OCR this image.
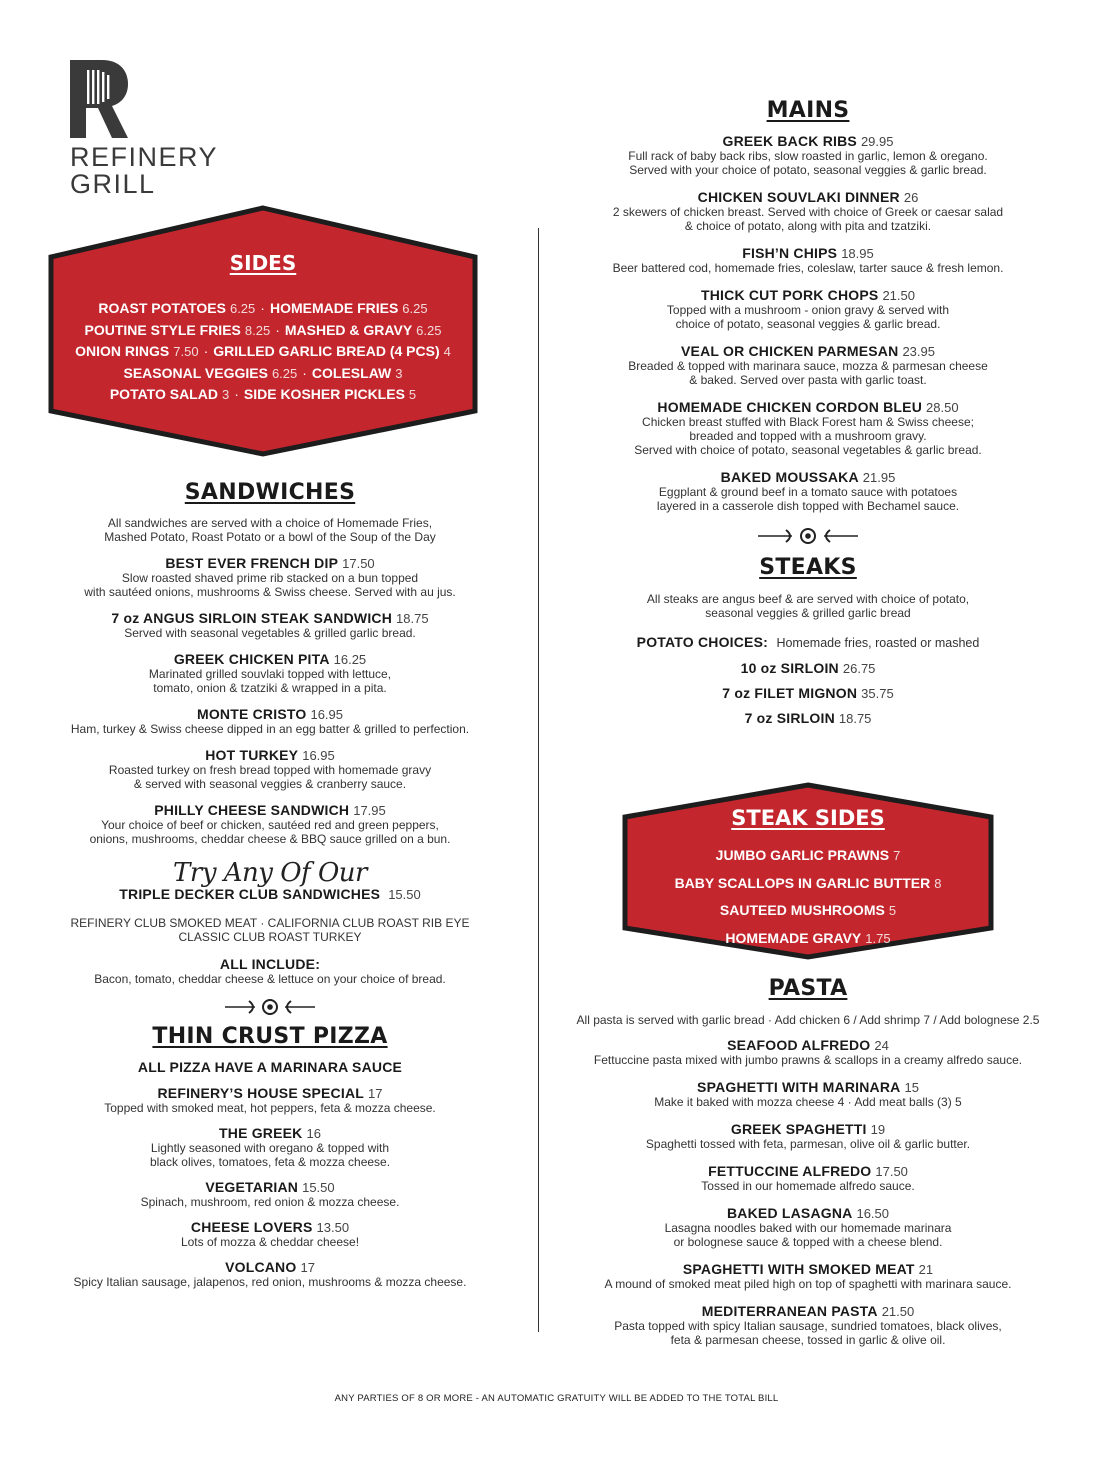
REFINERY
GRILL
SIDES
ROAST POTATOES 6.25 · HOMEMADE FRIES 6.25
POUTINE STYLE FRIES 8.25 · MASHED & GRAVY 6.25
ONION RINGS 7.50 · GRILLED GARLIC BREAD (4 PCS) 4
SEASONAL VEGGIES 6.25 · COLESLAW 3
POTATO SALAD 3 · SIDE KOSHER PICKLES 5
SANDWICHES
All sandwiches are served with a choice of Homemade Fries,
Mashed Potato, Roast Potato or a bowl of the Soup of the Day
BEST EVER FRENCH DIP 17.50
Slow roasted shaved prime rib stacked on a bun topped
with sautéed onions, mushrooms & Swiss cheese. Served with au jus.
7 oz ANGUS SIRLOIN STEAK SANDWICH 18.75
Served with seasonal vegetables & grilled garlic bread.
GREEK CHICKEN PITA 16.25
Marinated grilled souvlaki topped with lettuce,
tomato, onion & tzatziki & wrapped in a pita.
MONTE CRISTO 16.95
Ham, turkey & Swiss cheese dipped in an egg batter & grilled to perfection.
HOT TURKEY 16.95
Roasted turkey on fresh bread topped with homemade gravy
& served with seasonal veggies & cranberry sauce.
PHILLY CHEESE SANDWICH 17.95
Your choice of beef or chicken, sautéed red and green peppers,
onions, mushrooms, cheddar cheese & BBQ sauce grilled on a bun.
Try Any Of Our
TRIPLE DECKER CLUB SANDWICHES 15.50
REFINERY CLUB SMOKED MEAT · CALIFORNIA CLUB ROAST RIB EYE
CLASSIC CLUB ROAST TURKEY
ALL INCLUDE:
Bacon, tomato, cheddar cheese & lettuce on your choice of bread.
THIN CRUST PIZZA
ALL PIZZA HAVE A MARINARA SAUCE
REFINERY’S HOUSE SPECIAL 17
Topped with smoked meat, hot peppers, feta & mozza cheese.
THE GREEK 16
Lightly seasoned with oregano & topped with
black olives, tomatoes, feta & mozza cheese.
VEGETARIAN 15.50
Spinach, mushroom, red onion & mozza cheese.
CHEESE LOVERS 13.50
Lots of mozza & cheddar cheese!
VOLCANO 17
Spicy Italian sausage, jalapenos, red onion, mushrooms & mozza cheese.
MAINS
GREEK BACK RIBS 29.95
Full rack of baby back ribs, slow roasted in garlic, lemon & oregano.
Served with your choice of potato, seasonal veggies & garlic bread.
CHICKEN SOUVLAKI DINNER 26
2 skewers of chicken breast. Served with choice of Greek or caesar salad
& choice of potato, along with pita and tzatziki.
FISH’N CHIPS 18.95
Beer battered cod, homemade fries, coleslaw, tarter sauce & fresh lemon.
THICK CUT PORK CHOPS 21.50
Topped with a mushroom - onion gravy & served with
choice of potato, seasonal veggies & garlic bread.
VEAL OR CHICKEN PARMESAN 23.95
Breaded & topped with marinara sauce, mozza & parmesan cheese
& baked. Served over pasta with garlic toast.
HOMEMADE CHICKEN CORDON BLEU 28.50
Chicken breast stuffed with Black Forest ham & Swiss cheese;
breaded and topped with a mushroom gravy.
Served with choice of potato, seasonal vegetables & garlic bread.
BAKED MOUSSAKA 21.95
Eggplant & ground beef in a tomato sauce with potatoes
layered in a casserole dish topped with Bechamel sauce.
STEAKS
All steaks are angus beef & are served with choice of potato,
seasonal veggies & grilled garlic bread
POTATO CHOICES: Homemade fries, roasted or mashed
10 oz SIRLOIN 26.75
7 oz FILET MIGNON 35.75
7 oz SIRLOIN 18.75
STEAK SIDES
JUMBO GARLIC PRAWNS 7
BABY SCALLOPS IN GARLIC BUTTER 8
SAUTEED MUSHROOMS 5
HOMEMADE GRAVY 1.75
PASTA
All pasta is served with garlic bread · Add chicken 6 / Add shrimp 7 / Add bolognese 2.5
SEAFOOD ALFREDO 24
Fettuccine pasta mixed with jumbo prawns & scallops in a creamy alfredo sauce.
SPAGHETTI WITH MARINARA 15
Make it baked with mozza cheese 4 · Add meat balls (3) 5
GREEK SPAGHETTI 19
Spaghetti tossed with feta, parmesan, olive oil & garlic butter.
FETTUCCINE ALFREDO 17.50
Tossed in our homemade alfredo sauce.
BAKED LASAGNA 16.50
Lasagna noodles baked with our homemade marinara
or bolognese sauce & topped with a cheese blend.
SPAGHETTI WITH SMOKED MEAT 21
A mound of smoked meat piled high on top of spaghetti with marinara sauce.
MEDITERRANEAN PASTA 21.50
Pasta topped with spicy Italian sausage, sundried tomatoes, black olives,
feta & parmesan cheese, tossed in garlic & olive oil.
ANY PARTIES OF 8 OR MORE - AN AUTOMATIC GRATUITY WILL BE ADDED TO THE TOTAL BILL
